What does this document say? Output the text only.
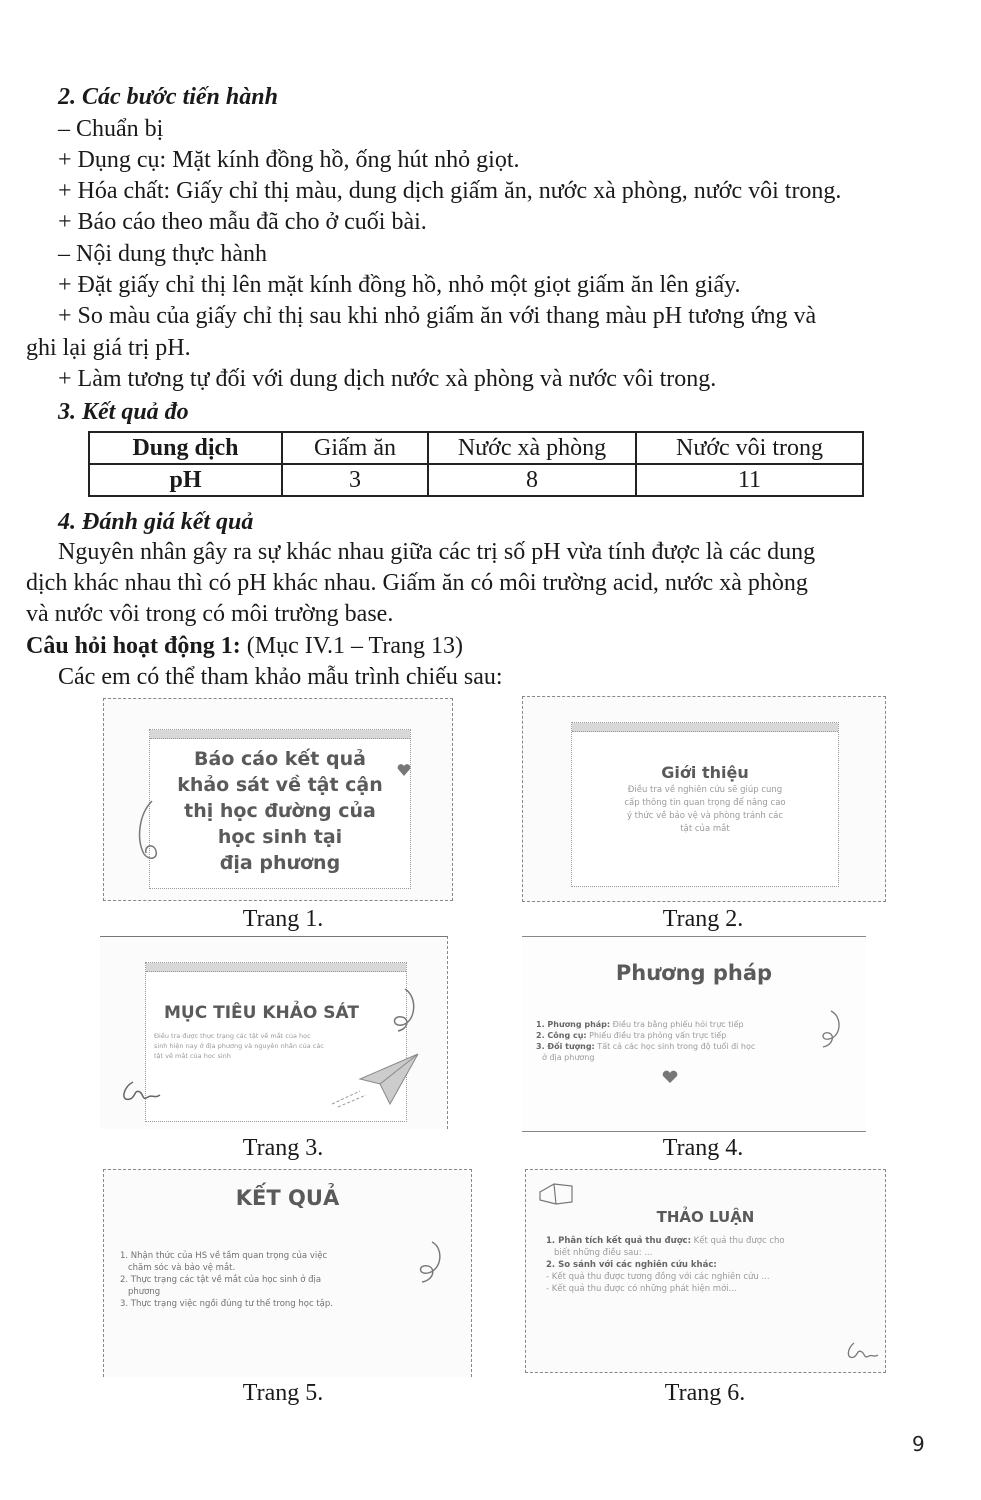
2. Các bước tiến hành
– Chuẩn bị
+ Dụng cụ: Mặt kính đồng hồ, ống hút nhỏ giọt.
+ Hóa chất: Giấy chỉ thị màu, dung dịch giấm ăn, nước xà phòng, nước vôi trong.
+ Báo cáo theo mẫu đã cho ở cuối bài.
– Nội dung thực hành
+ Đặt giấy chỉ thị lên mặt kính đồng hồ, nhỏ một giọt giấm ăn lên giấy.
+ So màu của giấy chỉ thị sau khi nhỏ giấm ăn với thang màu pH tương ứng và
ghi lại giá trị pH.
+ Làm tương tự đối với dung dịch nước xà phòng và nước vôi trong.
3. Kết quả đo
Dung dịch	Giấm ăn	Nước xà phòng	Nước vôi trong
pH	3	8	11
4. Đánh giá kết quả
Nguyên nhân gây ra sự khác nhau giữa các trị số pH vừa tính được là các dung
dịch khác nhau thì có pH khác nhau. Giấm ăn có môi trường acid, nước xà phòng
và nước vôi trong có môi trường base.
Câu hỏi hoạt động 1: (Mục IV.1 – Trang 13)
Các em có thể tham khảo mẫu trình chiếu sau:
Báo cáo kết quả
khảo sát về tật cận
thị học đường của
học sinh tại
địa phương
Trang 1.
Giới thiệu
Điều tra về nghiên cứu sẽ giúp cung
cấp thông tin quan trọng để nâng cao
ý thức về bảo vệ và phòng tránh các
tật của mắt
Trang 2.
MỤC TIÊU KHẢO SÁT
Điều tra được thực trạng các tật về mắt của học
sinh hiện nay ở địa phương và nguyên nhân của các
tật về mắt của học sinh
Trang 3.
Phương pháp
1. Phương pháp: Điều tra bằng phiếu hỏi trực tiếp
2. Công cụ: Phiếu điều tra phỏng vấn trực tiếp
3. Đối tượng: Tất cả các học sinh trong độ tuổi đi học
ở địa phương
Trang 4.
KẾT QUẢ
1. Nhận thức của HS về tầm quan trọng của việc
chăm sóc và bảo vệ mắt.
2. Thực trạng các tật về mắt của học sinh ở địa
phương
3. Thực trạng việc ngồi đúng tư thế trong học tập.
Trang 5.
THẢO LUẬN
1. Phân tích kết quả thu được: Kết quả thu được cho
biết những điều sau: ...
2. So sánh với các nghiên cứu khác:
- Kết quả thu được tương đồng với các nghiên cứu ...
- Kết quả thu được có những phát hiện mới...
Trang 6.
9
